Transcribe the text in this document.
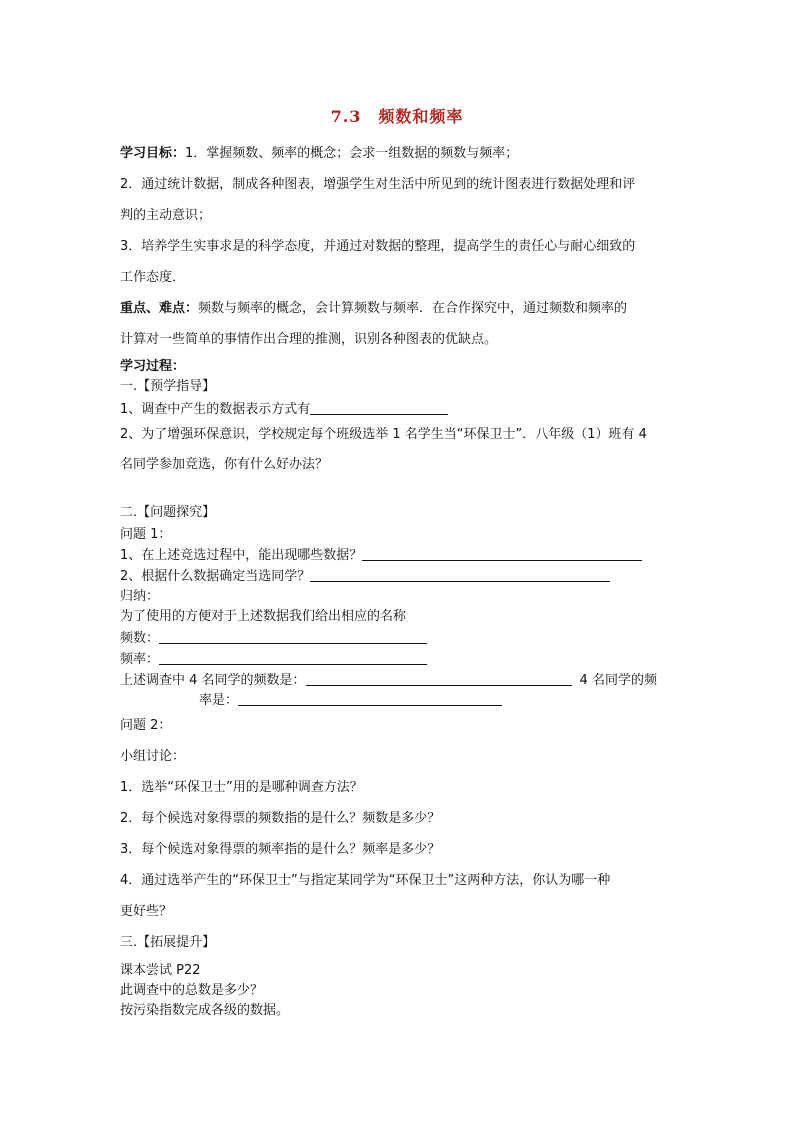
7.3　频数和频率
学习目标：1．掌握频数、频率的概念；会求一组数据的频数与频率；
2．通过统计数据，制成各种图表，增强学生对生活中所见到的统计图表进行数据处理和评
判的主动意识；
3．培养学生实事求是的科学态度，并通过对数据的整理，提高学生的责任心与耐心细致的
工作态度．
重点、难点：频数与频率的概念，会计算频数与频率．在合作探究中，通过频数和频率的
计算对一些简单的事情作出合理的推测，识别各种图表的优缺点。
学习过程：
一.【预学指导】
1、调查中产生的数据表示方式有
2、为了增强环保意识，学校规定每个班级选举 1 名学生当“环保卫士”．八年级（1）班有 4
名同学参加竞选，你有什么好办法？
二.【问题探究】
问题 1：
1、在上述竞选过程中，能出现哪些数据？
2、根据什么数据确定当选同学？
归纳：
为了使用的方便对于上述数据我们给出相应的名称
频数：
频率：
上述调查中 4 名同学的频数是：	4 名同学的频
率是：
问题 2：
小组讨论：
1．选举“环保卫士”用的是哪种调查方法？
2．每个候选对象得票的频数指的是什么？频数是多少？
3．每个候选对象得票的频率指的是什么？频率是多少？
4．通过选举产生的“环保卫士”与指定某同学为“环保卫士”这两种方法，你认为哪一种
更好些？
三.【拓展提升】
课本尝试 P22
此调查中的总数是多少？
按污染指数完成各级的数据。
